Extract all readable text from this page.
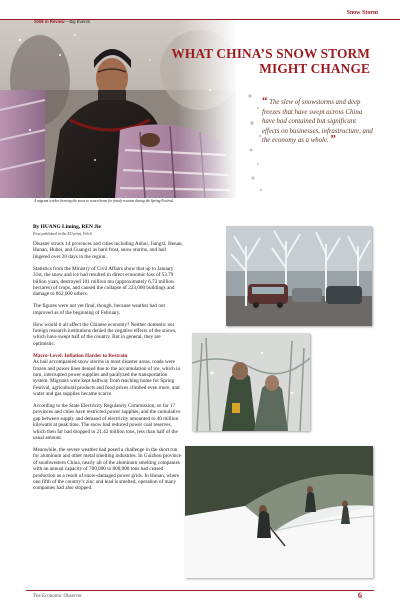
Snow Storm
2008 in Review – Big Events
WHAT CHINA’S SNOW STORM
MIGHT CHANGE
“ The slew of snowstorms and deep freezes that have swept across China have had contained but significant effects on businesses, infrastructure, and the economy as a whole. ”
A migrant worker braving the snow to return home for family reunion during the Spring Festival.
By HUANG Liming, REN Jie
First published in the EO print, Feb 6

Disaster struck 14 provinces and cities including Anhui, Jiangxi, Henan, Hunan, Hubei, and Guangxi as hard frost, snow storms, and hail lingered over 20 days in the region.

Statistics from the Ministry of Civil Affairs show that up to January 31st, the snow and ice had resulted in direct economic loss of 53.79 billion yuan, destroyed 101 million mu (approximately 6.73 million hectares) of crops, and caused the collapse of 223,000 buildings and damage to 862,000 others.

The figures were not yet final, though, because weather had not improved as of the beginning of February.

How would it all affect the Chinese economy? Neither domestic nor foreign research institutions denied the negative effects of the snows, which have swept half of the country. But in general, they are optimistic.

Macro-Level: Inflation Harder to Restrain

As hail accompanied snow storms in most disaster areas, roads were frozen and power lines denied due to the accumulation of ice, which in turn, interrupted power supplies and paralyzed the transportation system. Migrants were kept halfway from reaching home for Spring Festival, agricultural products and food prices climbed even more, and water and gas supplies became scarce.

According to the State Electricity Regulatory Commission, so far 17 provinces and cities have restricted power supplies, and the cumulative gap between supply and demand of electricity amounted to 40 million kilowatts at peak time. The snow had reduced power coal reserves, which then far had dropped to 21.42 million tons, less than half of the usual amount.

Meanwhile, the severe weather had posed a challenge in the short run for aluminum and other metal smelting industries. In Guizhou province of southwestern China, nearly all of the aluminum smelting companies with an annual capacity of 700,000 to 800,000 tons had ceased production as a result of snow-damaged power grids. In Hunan, where one fifth of the country’s zinc and lead is smelted, operation of many companies had also stopped.

The Economic Observer	6
